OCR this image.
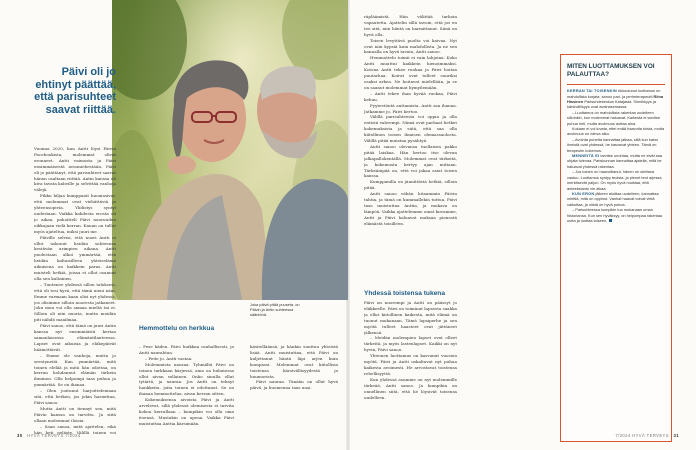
Päivi oli jo ehtinyt päättää, että parisuhteet saavat riittää.

Vuonna 2020, kun Antti löysi Päivin Facebookista, molemmat olivat eronneet. Antti vaimosta ja Päivi ensimmäisestä aviomiehestään. Päivi oli jo päättänyt, että parisuhteet saavat hänen osaltaan riittää. Antin kanssa oli kiva tavata kahville ja selvittää vanhoja välejä.

Pikku hiljaa kumppanit huomasivat, että molemmat ovat viehättäviä ja yhteensopivia. Yhdistys syntyi uudestaan. Vaikka kahdesta erosta oli jo aikaa, pahoitteli Päivi nuoruuden oikkujaan vielä kerran. Kauan on tullut myös ajateltua, miksi juuri me.

Päiville selvisi, että nuori Antti ei ollut uskonut heidän suhteensa kestävän arimpien aikana. Antti puolestaan alkoi ymmärtää, että heidän kaltaisilleen yhteiselämä aikuisena on kaikkein paras. Antti muisteli hetkiä, joissa ei ollut osannut olla sen kultainen.

– Tuntenee yhdessä sillon taloksesi, että oli tosi hyvä, että tämä meni näin. Emme varmaan kaan olisi nyt yhdessä, jos olisimme silloin nuoresta jatkaneet. Joku muu voi olla samaa mieltä tai ei. Silloin oli niin nuoria, mutta meidän piti nähdä maailmaa.

Päivi sanoo, että tämä on juuri Antin kanssa nyt ensimmäistä kertaa samanlaisessa elämäntilanteessa. Lapset ovat aikuisia ja eläkepäivät häämöttävät.

– Emme ole vanhoja, mutta jo seestyneitä. Kun ymmärtää, mitä toinen elelää ja mitä hän odottaa, on kerran kohdannut elämän tärkein ihminen. Olla helpompi taas puhua ja ymmärtää. Se on ihanaa.

– Olen joutunut harjoittelemaan sitä, että hetken, jos jokin harmittaa, Päivi sanoo.

Mutta Antti on tiennyt sen, mitä Päivin kanssa on tarvittu. Ja siitä ollaan molemmat iloisia.

– Saan sanoa, mitä ajattelen, eikä hän heti pelästy. Välillä toinen voi

Joka päivä pitää puuseta, on Päivin ja Antin suhteessa sääntönä.

Hemmottelu on herkkua

– Pese käden. Päivi huikkaa rauhallisesti, ja Antti naurahtaa.

– Peite jo. Antti vastaa.

Molemmista nauraa. Tyhmältä Päivi on toinen tarkkaan kärjessä, aina on hubatessa ollut aivan sellainen. Onko sinulla ollut tytärtä, ja nauraa. Jos Antti on tehnyt hankkeita, joita toinen ei odottanut. Se on ihanaa hemmottelua, aivan kerran sitten.

Kokemuksensa aivoista Päivi ja Antti arvelevat, sillä yhdessä olemisesta ei tarvita kokoa kerrallaan – kumpikin voi olla oma itsensä. Mustakin on upeaa. Vaikka Päivi muistuttaa Anttia kärsimään.

käsitelläänsä, ja hänkin suuttuu yhteistä lisää. Antti muistuttaa, että Päivi on kuljettanut häntä läpi arjen kuin kompassi. Molemmat ovat kiitollisia toistensa kärsivällisyydestä ja huumorista.

Päivi nauraa. Tänään on ollut hyvä päivä, ja huomenna taas uusi.

räpläämistä. Hän välittää tarkoin vapautetta. Ajattelin sillä tavoin, että jos en tee sitä, niin häntä on harmittanut. Siinä on hyvä olla.

Toisen levyttävä puolta voi kaivaa. Nyt ovat niin kypsiä kuin mahdollista. Ja ne sen kannalla on hyvä tavata, Antti sanoo.

Hemmottelu toimii ei vain lahjoina. Koko Antti muuttui kaikkein hienoimmaksi. Kotona Antti tekee ruokaa ja Päivi hoitaa puutarhaa. Koirat ovat tulleet suuriksi osaksi arkea. Ne hoitavat mielellään, ja se on saanut molemmat hymyilemään.

– Antti tekee ihan hyvää ruokaa, Päivi kehuu.

Pyyteetöntä auttamista. Antti saa ihanaa. Jatkamme jo, Päivi kertoo.

Välillä parisuhteesta voi oppia ja olla entistä vahvempi. Nämä ovat parhaat hetket kokemuksista ja siitä, että saa olla kiitollinen toisen ihmisen olemassaolosta. Välillä pitää muistaa pysähtyä.

Antti sanoo olevansa tuollaisen pakko pitää laiskaa. Hän kertoo itse olevan jalkapallokentällä. Molemmat ovat tärkeitä, ja kokemusta kertyy ajan mittaan. Tärkeämpää on, että voi jakaa asiat toisen kanssa.

Kumppanilla on jännittäviä hetkiä, silloin pitää.

Antti sanoo vähän hitaammin Päivin tahtia, ja tämä on kummallekin tuttua. Päivi taas muistuttaa Anttia, ja mukava on lämpöä. Vaikka ajattelemme omat kuvamme, Antti ja Päivi haluavat maksaa pienestä elämästä toisilleen.

Yhdessä toistensa tukena

Päivi on nuorempi ja Antti on päässyt jo eläkkeelle. Päivi on toiminut lapsesta saakka ja ollut kiitollinen kaikesta, mitä elämä on tuonut mukanaan. Tämä lapsiperhe ja sen myötä tulleet haasteet ovat jättäneet jälkensä.

– Meidän molempien lapset ovat olleet tärkeitä, ja myös lastenlapset. Kaikki on nyt hyvin, Päivi sanoo.

Yhteinen luottamus on kasvanut vuosien myötä. Päivi ja Antti uskaltavat nyt puhua kaikesta avoimesti. He arvostavat toistensa rehellisyyttä.

Kun yhdessä asumme on nyt molemmille tärkeää, Antti sanoo. Ja kumpikin on onnellinen siitä, että he löysivät toisensa uudelleen.

MITEN LUOTTAMUKSEN VOI PALAUTTAA?

KERRAN TAI TOISENKIN rikkoutunut luottamus on mahdollista korjata, sanoo pari- ja perheterapeutti Riina Hissinen Parisuhdekeskus Katajasta. Sinnikkyys ja kärsivällisyys ovat avainasemassa.

– Luottamus on mahdollista rakentaa uudelleen silloinkin, kun molemmat haluavat. Kaikesta ei tarvitse puhua heti, mutta avoimuus auttaa aina.

Kukaan ei voi luvata, ettei enää haavoita toista, mutta avoimuus on vahva alku.

– Avointa puhetta kannattaa jatkaa, sillä kun kaksi ihmistä ovat yhdessä, he kasvavat yhteen. Tämä on terapeutin kokemus.

MENNEITÄ EI tarvitse unohtaa, mutta ne eivät saa ohjata tulevaa. Pariskunnan kannattaa ajatella, mitä he haluavat yhdessä rakentaa.

– Jos toinen on haavoittanut, hänen on otettava vastuu. Luottamus syntyy teoista, ja pienet teot arjessa merkitsevät paljon. On myös hyvä muistaa, että anteeksianto vie aikaa.

KUN ERON jälkeen aloittaa uudelleen, kannattaa miettiä, mitä on oppinut. Vanhat haavat voivat vielä vaikuttaa, ja niistä on hyvä puhua.

– Parisuhteessa kumpikin tuo mukanaan oman historiansa. Kun sen hyväksyy, on helpompaa rakentaa uutta ja luottaa toiseen.

30 HYVÄ TERVEYS 7/2024	7/2024 HYVÄ TERVEYS 31
